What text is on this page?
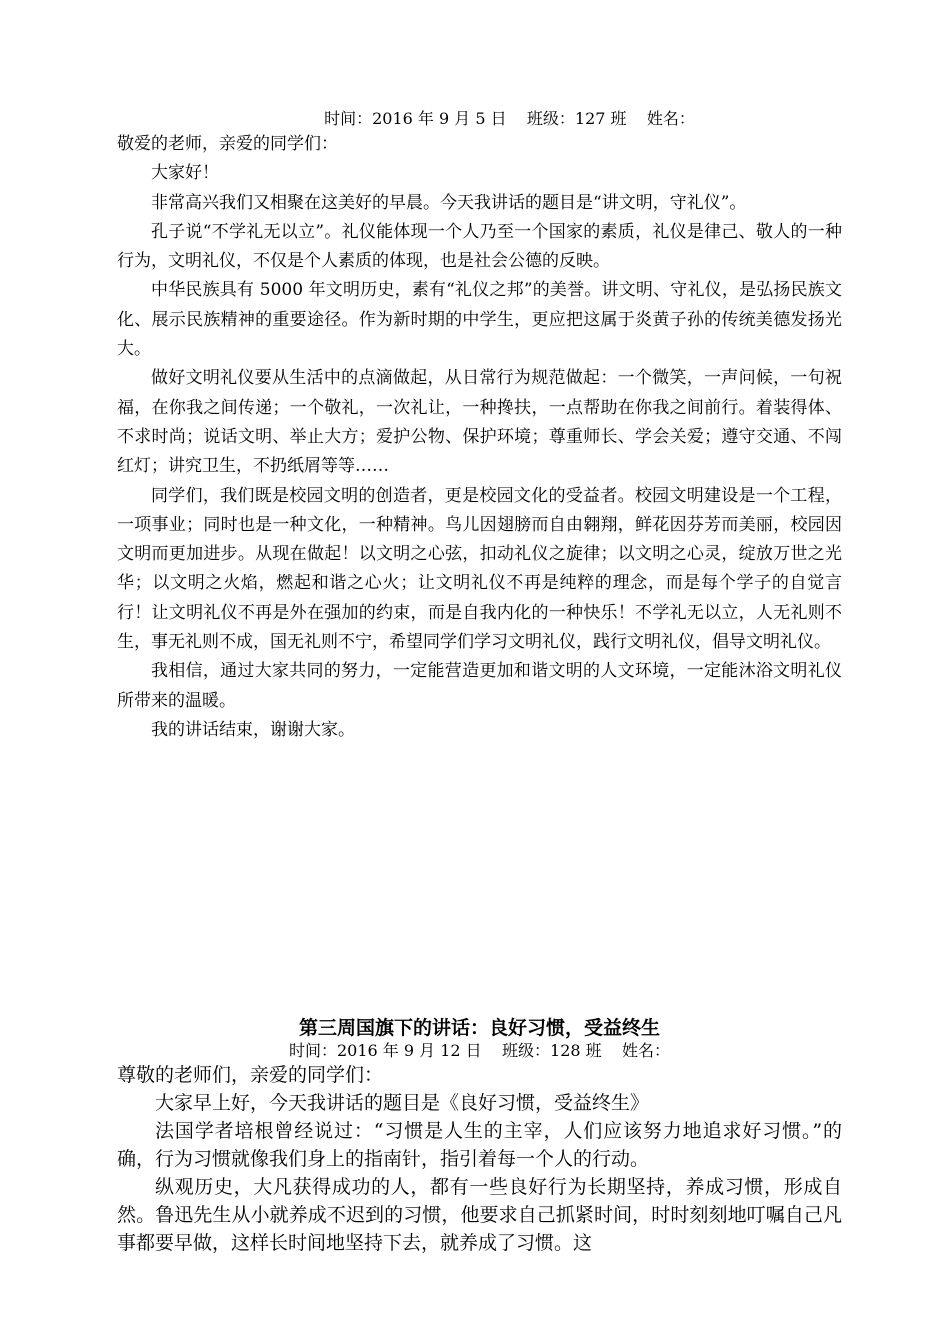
时间：2016 年 9 月 5 日    班级：127 班    姓名：

敬爱的老师，亲爱的同学们：

大家好！

非常高兴我们又相聚在这美好的早晨。今天我讲话的题目是“讲文明，守礼仪”。

孔子说“不学礼无以立”。礼仪能体现一个人乃至一个国家的素质，礼仪是律己、敬人的一种行为，文明礼仪，不仅是个人素质的体现，也是社会公德的反映。

中华民族具有 5000 年文明历史，素有“礼仪之邦”的美誉。讲文明、守礼仪，是弘扬民族文化、展示民族精神的重要途径。作为新时期的中学生，更应把这属于炎黄子孙的传统美德发扬光大。

做好文明礼仪要从生活中的点滴做起，从日常行为规范做起：一个微笑，一声问候，一句祝福，在你我之间传递；一个敬礼，一次礼让，一种搀扶，一点帮助在你我之间前行。着装得体、不求时尚；说话文明、举止大方；爱护公物、保护环境；尊重师长、学会关爱；遵守交通、不闯红灯；讲究卫生，不扔纸屑等等……

同学们，我们既是校园文明的创造者，更是校园文化的受益者。校园文明建设是一个工程，一项事业；同时也是一种文化，一种精神。鸟儿因翅膀而自由翱翔，鲜花因芬芳而美丽，校园因文明而更加进步。从现在做起！以文明之心弦，扣动礼仪之旋律；以文明之心灵，绽放万世之光华；以文明之火焰，燃起和谐之心火；让文明礼仪不再是纯粹的理念，而是每个学子的自觉言行！让文明礼仪不再是外在强加的约束，而是自我内化的一种快乐！不学礼无以立，人无礼则不生，事无礼则不成，国无礼则不宁，希望同学们学习文明礼仪，践行文明礼仪，倡导文明礼仪。

我相信，通过大家共同的努力，一定能营造更加和谐文明的人文环境，一定能沐浴文明礼仪所带来的温暖。

我的讲话结束，谢谢大家。

第三周国旗下的讲话：良好习惯，受益终生
时间：2016 年 9 月 12 日    班级：128 班    姓名：

尊敬的老师们，亲爱的同学们：

大家早上好，今天我讲话的题目是《良好习惯，受益终生》

法国学者培根曾经说过：“习惯是人生的主宰，人们应该努力地追求好习惯。”的确，行为习惯就像我们身上的指南针，指引着每一个人的行动。

纵观历史，大凡获得成功的人，都有一些良好行为长期坚持，养成习惯，形成自然。鲁迅先生从小就养成不迟到的习惯，他要求自己抓紧时间，时时刻刻地叮嘱自己凡事都要早做，这样长时间地坚持下去，就养成了习惯。这
